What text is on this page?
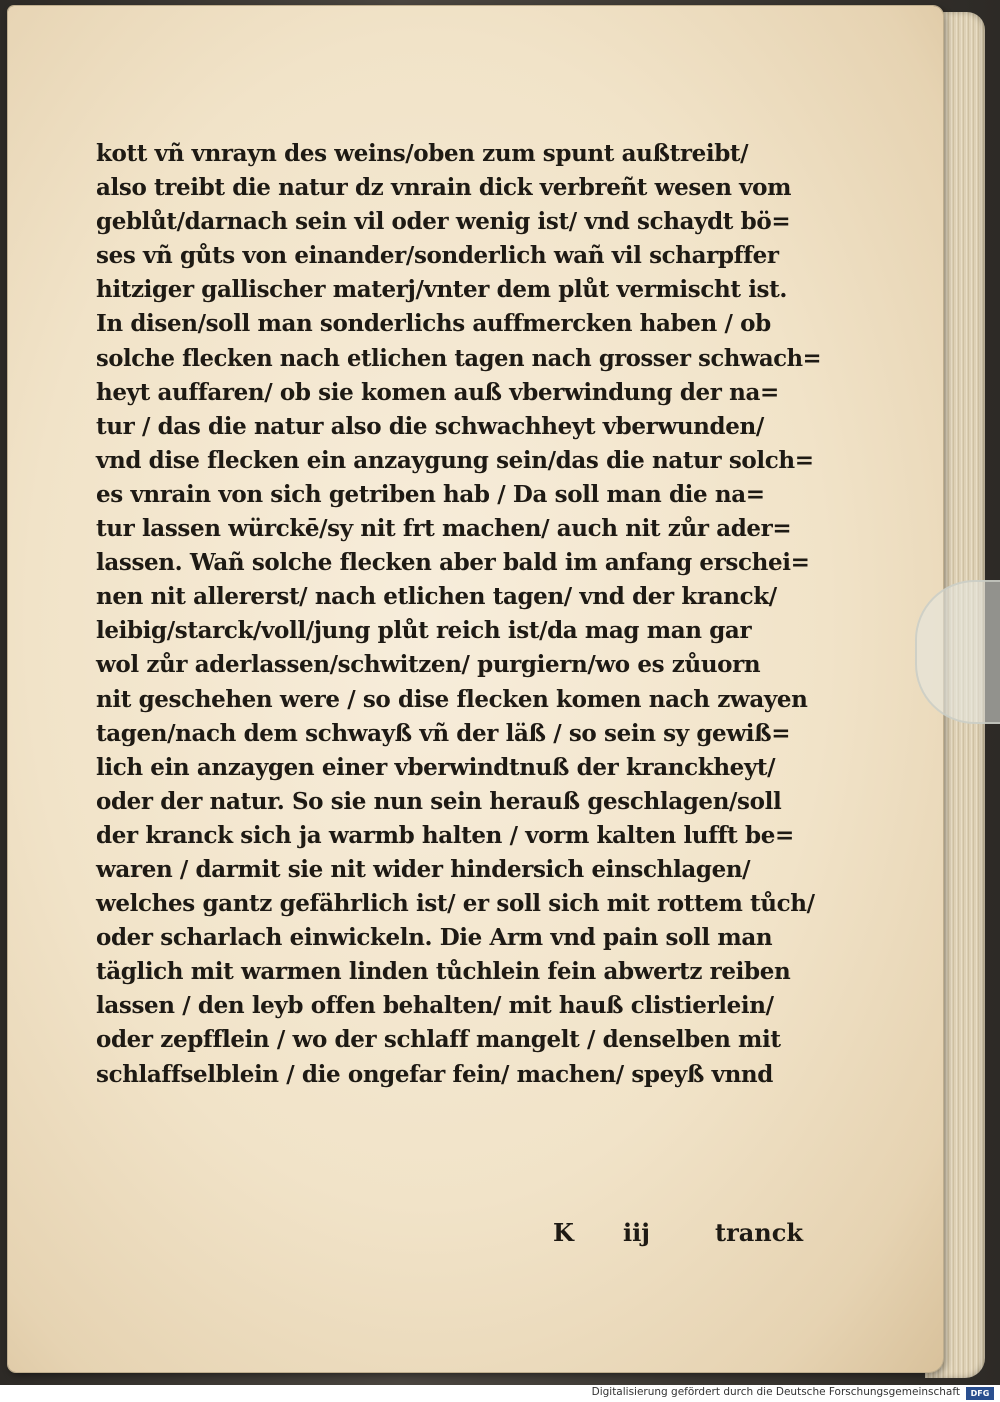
kott vñ vnrayn des weins/oben zum spunt außtreibt/
also treibt die natur dz vnrain dick verbreñt wesen vom
geblůt/darnach sein vil oder wenig ist/ vnd schaydt bö=
ses vñ gůts von einander/sonderlich wañ vil scharpffer
hitziger gallischer materj/vnter dem plůt vermischt ist.
In disen/soll man sonderlichs auffmercken haben / ob
solche flecken nach etlichen tagen nach grosser schwach=
heyt auffaren/ ob sie komen auß vberwindung der na=
tur / das die natur also die schwachheyt vberwunden/
vnd dise flecken ein anzaygung sein/das die natur solch=
es vnrain von sich getriben hab / Da soll man die na=
tur lassen würckē/sy nit frt machen/ auch nit zůr ader=
lassen. Wañ solche flecken aber bald im anfang erschei=
nen nit allererst/ nach etlichen tagen/ vnd der kranck/
leibig/starck/voll/jung plůt reich ist/da mag man gar
wol zůr aderlassen/schwitzen/ purgiern/wo es zůuorn
nit geschehen were / so dise flecken komen nach zwayen
tagen/nach dem schwayß vñ der läß / so sein sy gewiß=
lich ein anzaygen einer vberwindtnuß der kranckheyt/
oder der natur. So sie nun sein herauß geschlagen/soll
der kranck sich ja warmb halten / vorm kalten lufft be=
waren / darmit sie nit wider hindersich einschlagen/
welches gantz gefährlich ist/ er soll sich mit rottem tůch/
oder scharlach einwickeln. Die Arm vnd pain soll man
täglich mit warmen linden tůchlein fein abwertz reiben
lassen / den leyb offen behalten/ mit hauß clistierlein/
oder zepfflein / wo der schlaff mangelt / denselben mit
schlaffselblein / die ongefar fein/ machen/ speyß vnnd
K iij	tranck
Digitalisierung gefördert durch die Deutsche Forschungsgemeinschaft	DFG
